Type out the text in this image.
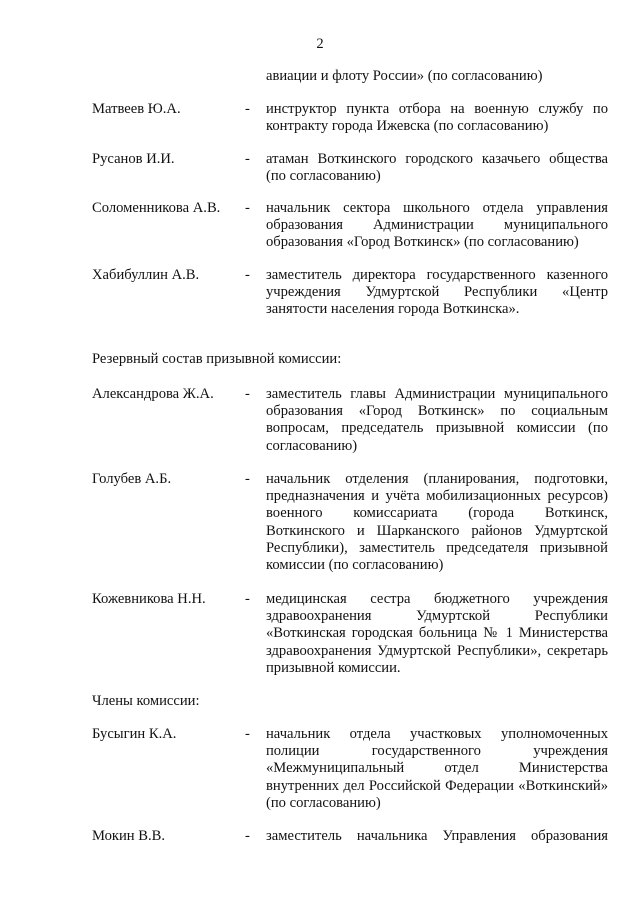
2
авиации и флоту России» (по согласованию)
Матвеев Ю.А.	- инструктор пункта отбора на военную службу по контракту города Ижевска (по согласованию)
Русанов И.И.	- атаман Воткинского городского казачьего общества (по согласованию)
Соломенникова А.В.	- начальник сектора школьного отдела управления образования Администрации муниципального образования «Город Воткинск» (по согласованию)
Хабибуллин А.В.	- заместитель директора государственного казенного учреждения Удмуртской Республики «Центр занятости населения города Воткинска».
Резервный состав призывной комиссии:
Александрова Ж.А.	- заместитель главы Администрации муниципального образования «Город Воткинск» по социальным вопросам, председатель призывной комиссии (по согласованию)
Голубев А.Б.	- начальник отделения (планирования, подготовки, предназначения и учёта мобилизационных ресурсов) военного комиссариата (города Воткинск, Воткинского и Шарканского районов Удмуртской Республики), заместитель председателя призывной комиссии (по согласованию)
Кожевникова Н.Н.	- медицинская сестра бюджетного учреждения здравоохранения Удмуртской Республики «Воткинская городская больница № 1 Министерства здравоохранения Удмуртской Республики», секретарь призывной комиссии.
Члены комиссии:
Бусыгин К.А.	- начальник отдела участковых уполномоченных полиции государственного учреждения «Межмуниципальный отдел Министерства внутренних дел Российской Федерации «Воткинский» (по согласованию)
Мокин В.В.	- заместитель начальника Управления образования
